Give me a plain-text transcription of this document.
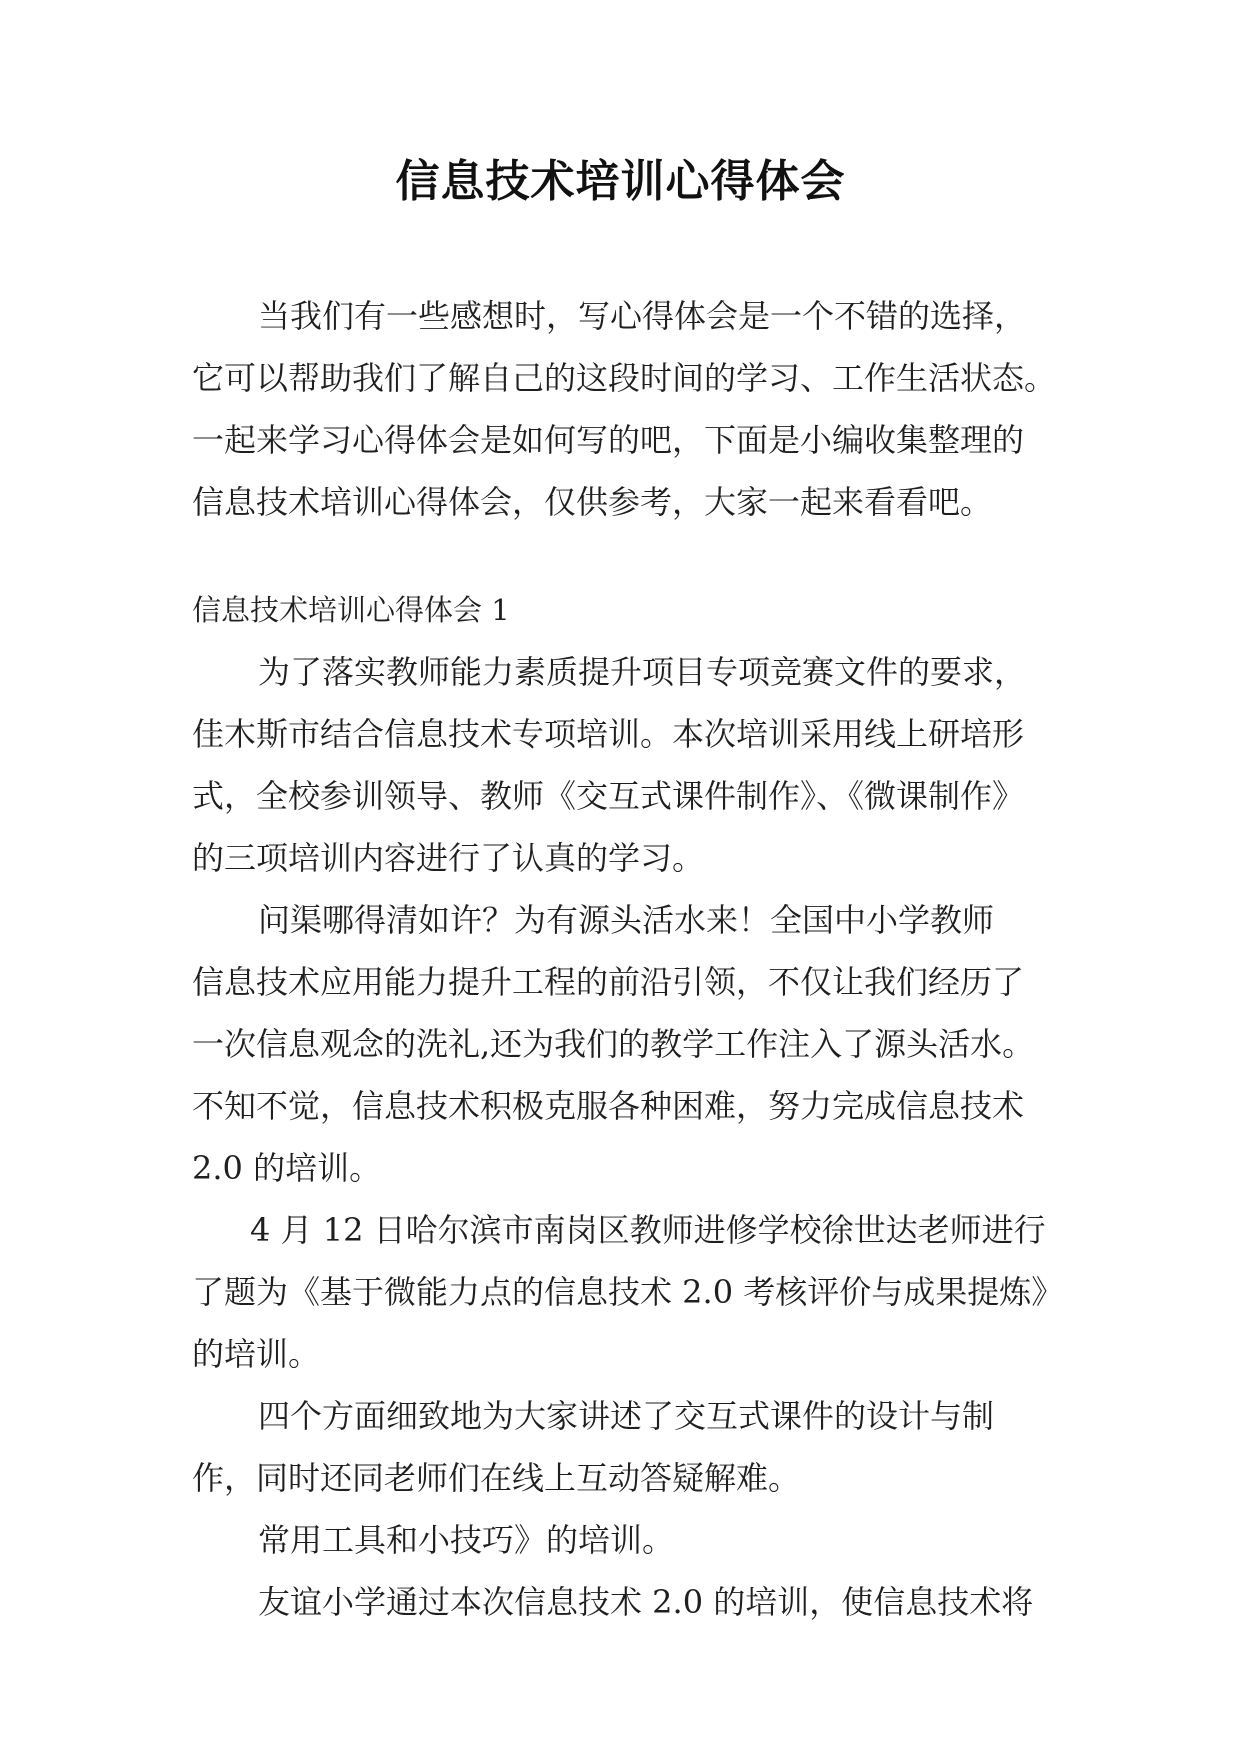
信息技术培训心得体会
当我们有一些感想时，写心得体会是一个不错的选择，
它可以帮助我们了解自己的这段时间的学习、工作生活状态。
一起来学习心得体会是如何写的吧，下面是小编收集整理的
信息技术培训心得体会，仅供参考，大家一起来看看吧。
信息技术培训心得体会 1
为了落实教师能力素质提升项目专项竞赛文件的要求，
佳木斯市结合信息技术专项培训。本次培训采用线上研培形
式，全校参训领导、教师《交互式课件制作》、《微课制作》
的三项培训内容进行了认真的学习。
问渠哪得清如许？为有源头活水来！全国中小学教师
信息技术应用能力提升工程的前沿引领，不仅让我们经历了
一次信息观念的洗礼,还为我们的教学工作注入了源头活水。
不知不觉，信息技术积极克服各种困难，努力完成信息技术
2.0 的培训。
4 月 12 日哈尔滨市南岗区教师进修学校徐世达老师进行
了题为《基于微能力点的信息技术 2.0 考核评价与成果提炼》
的培训。
四个方面细致地为大家讲述了交互式课件的设计与制
作，同时还同老师们在线上互动答疑解难。
常用工具和小技巧》的培训。
友谊小学通过本次信息技术 2.0 的培训，使信息技术将
